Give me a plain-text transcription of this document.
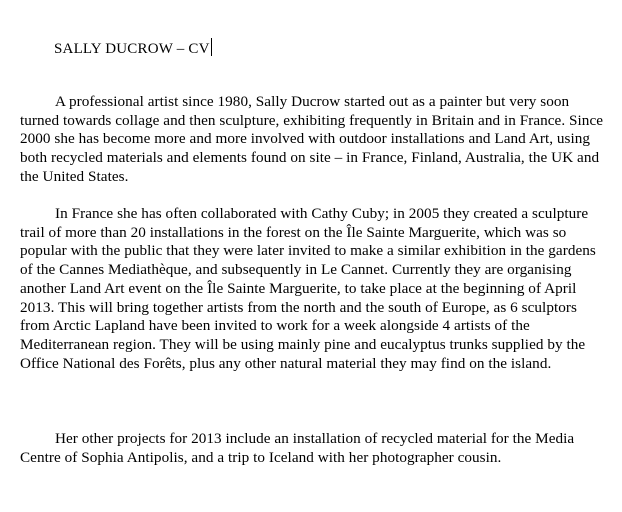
SALLY DUCROW – CV

A professional artist since 1980, Sally Ducrow started out as a painter but very soon turned towards collage and then sculpture, exhibiting frequently in Britain and in France. Since 2000 she has become more and more involved with outdoor installations and Land Art, using both recycled materials and elements found on site – in France, Finland, Australia, the UK and the United States.

In France she has often collaborated with Cathy Cuby; in 2005 they created a sculpture trail of more than 20 installations in the forest on the Île Sainte Marguerite, which was so popular with the public that they were later invited to make a similar exhibition in the gardens of the Cannes Mediathèque, and subsequently in Le Cannet. Currently they are organising another Land Art event on the Île Sainte Marguerite, to take place at the beginning of April 2013. This will bring together artists from the north and the south of Europe, as 6 sculptors from Arctic Lapland have been invited to work for a week alongside 4 artists of the Mediterranean region. They will be using mainly pine and eucalyptus trunks supplied by the Office National des Forêts, plus any other natural material they may find on the island.

Her other projects for 2013 include an installation of recycled material for the Media Centre of Sophia Antipolis, and a trip to Iceland with her photographer cousin.
